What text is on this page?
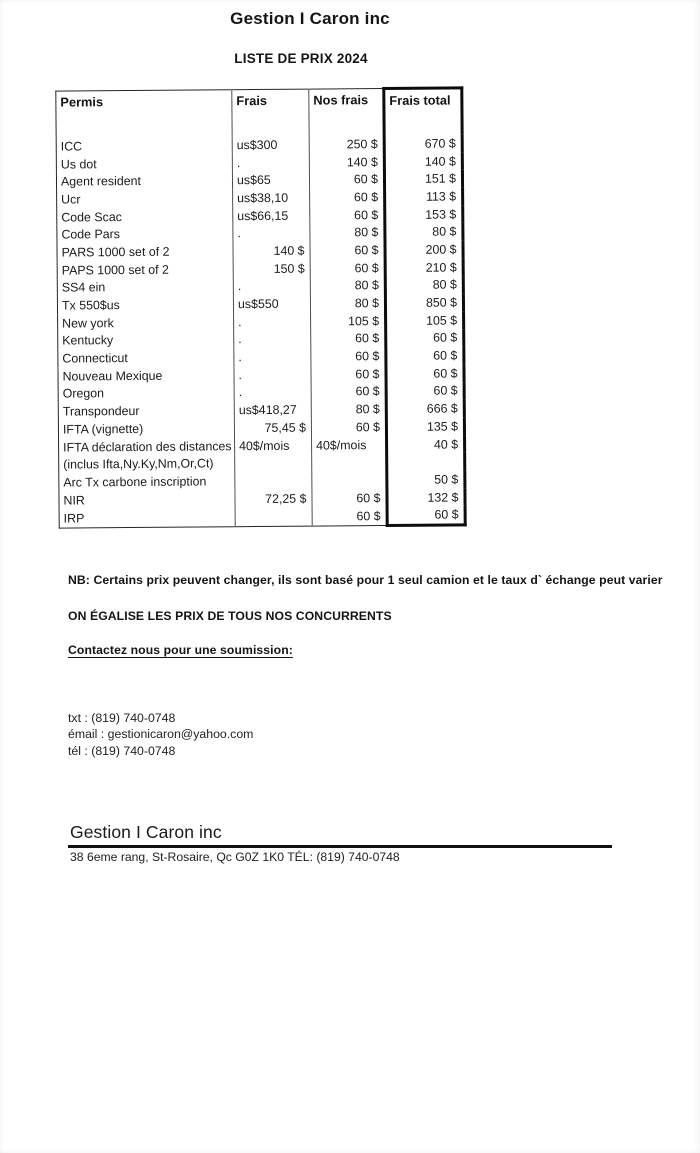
Gestion I Caron inc
LISTE DE PRIX 2024
Permis	Frais	Nos frais	Frais total
ICC	us$300	250 $	670 $
Us dot	.	140 $	140 $
Agent resident	us$65	60 $	151 $
Ucr	us$38,10	60 $	113 $
Code Scac	us$66,15	60 $	153 $
Code Pars	.	80 $	80 $
PARS 1000 set of 2	140 $	60 $	200 $
PAPS 1000 set of 2	150 $	60 $	210 $
SS4 ein	.	80 $	80 $
Tx 550$us	us$550	80 $	850 $
New york	.	105 $	105 $
Kentucky	.	60 $	60 $
Connecticut	.	60 $	60 $
Nouveau Mexique	.	60 $	60 $
Oregon	.	60 $	60 $
Transpondeur	us$418,27	80 $	666 $
IFTA (vignette)	75,45 $	60 $	135 $
IFTA déclaration des distances	40$/mois	40$/mois	40 $
(inclus Ifta,Ny.Ky,Nm,Or,Ct)			
Arc Tx carbone inscription			50 $
NIR	72,25 $	60 $	132 $
IRP		60 $	60 $
NB: Certains prix peuvent changer, ils sont basé pour 1 seul camion et le taux d` échange peut varier
ON ÉGALISE LES PRIX DE TOUS NOS CONCURRENTS
Contactez nous pour une soumission:
txt : (819) 740-0748
émail : gestionicaron@yahoo.com
tél : (819) 740-0748
Gestion I Caron inc
38 6eme rang, St-Rosaire, Qc G0Z 1K0 TÉL: (819) 740-0748
